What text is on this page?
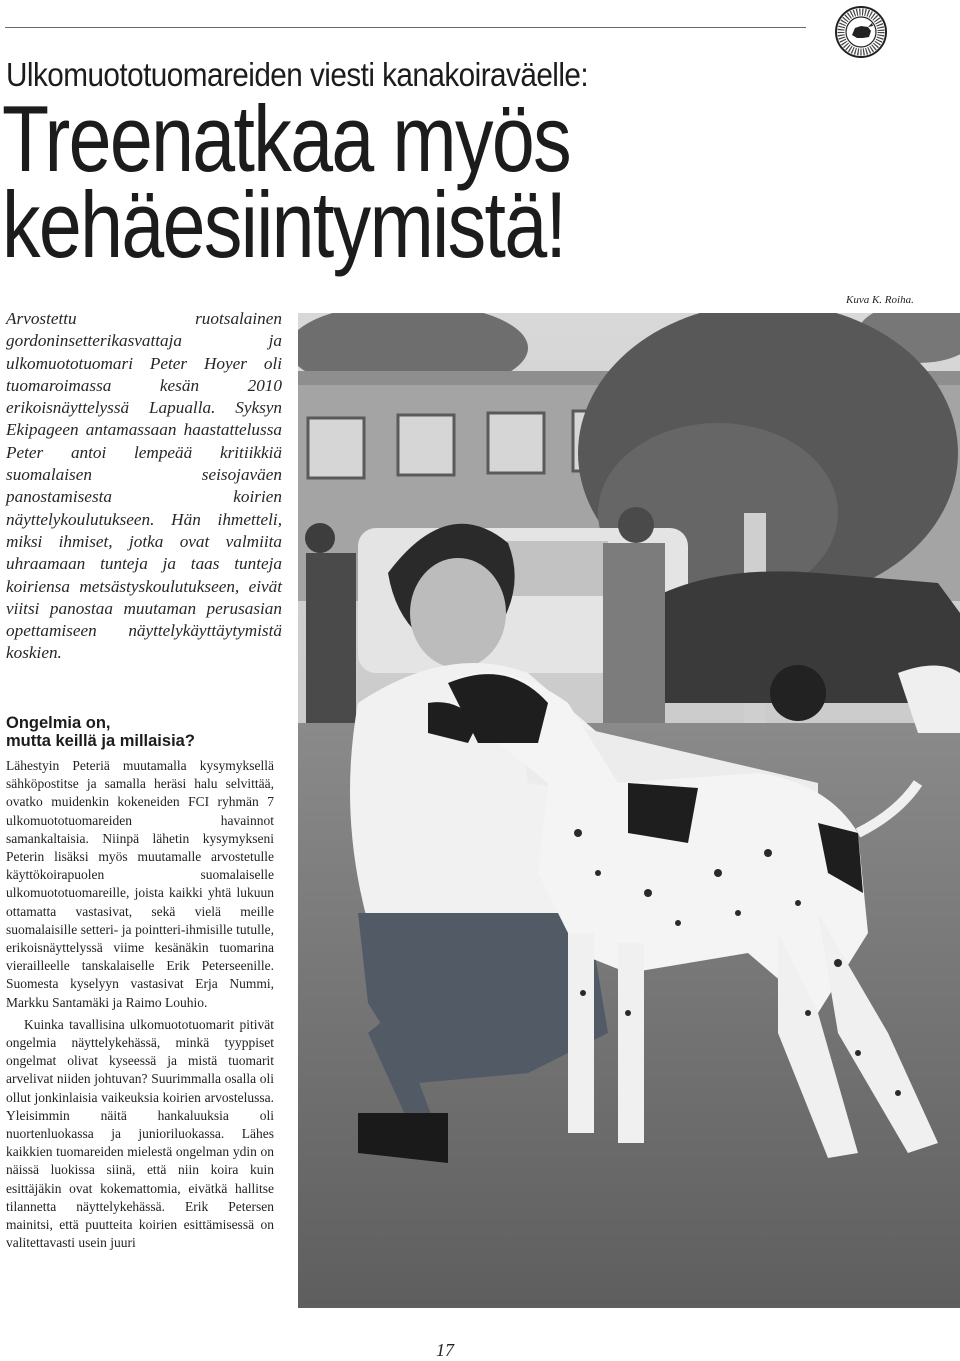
Ulkomuototuomareiden viesti kanakoiraväelle:
Treenatkaa myös
kehäesiintymistä!
Arvostettu ruotsalainen gordoninsetterikasvattaja ja ulkomuototuomari Peter Hoyer oli tuomaroimassa kesän 2010 erikoisnäyttelyssä Lapualla. Syksyn Ekipageen antamassaan haastattelussa Peter antoi lempeää kritiikkiä suomalaisen seisojaväen panostamisesta koirien näyttelykoulutukseen. Hän ihmetteli, miksi ihmiset, jotka ovat valmiita uhraamaan tunteja ja taas tunteja koiriensa metsästyskoulutukseen, eivät viitsi panostaa muutaman perusasian opettamiseen näyttelykäyttäytymistä koskien.
Ongelmia on,
mutta keillä ja millaisia?

Lähestyin Peteriä muutamalla kysymyksellä sähköpostitse ja samalla heräsi halu selvittää, ovatko muidenkin kokeneiden FCI ryhmän 7 ulkomuototuomareiden havainnot samankaltaisia. Niinpä lähetin kysymykseni Peterin lisäksi myös muutamalle arvostetulle käyttökoirapuolen suomalaiselle ulkomuototuomareille, joista kaikki yhtä lukuun ottamatta vastasivat, sekä vielä meille suomalaisille setteri- ja pointteri-ihmisille tutulle, erikoisnäyttelyssä viime kesänäkin tuomarina vierailleelle tanskalaiselle Erik Peterseenille. Suomesta kyselyyn vastasivat Erja Nummi, Markku Santamäki ja Raimo Louhio.

Kuinka tavallisina ulkomuototuomarit pitivät ongelmia näyttelykehässä, minkä tyyppiset ongelmat olivat kyseessä ja mistä tuomarit arvelivat niiden johtuvan? Suurimmalla osalla oli ollut jonkinlaisia vaikeuksia koirien arvostelussa. Yleisimmin näitä hankaluuksia oli nuortenluokassa ja junioriluokassa. Lähes kaikkien tuomareiden mielestä ongelman ydin on näissä luokissa siinä, että niin koira kuin esittäjäkin ovat kokemattomia, eivätkä hallitse tilannetta näyttelykehässä. Erik Petersen mainitsi, että puutteita koirien esittämisessä on valitettavasti usein juuri

Kuva K. Roiha.
17
